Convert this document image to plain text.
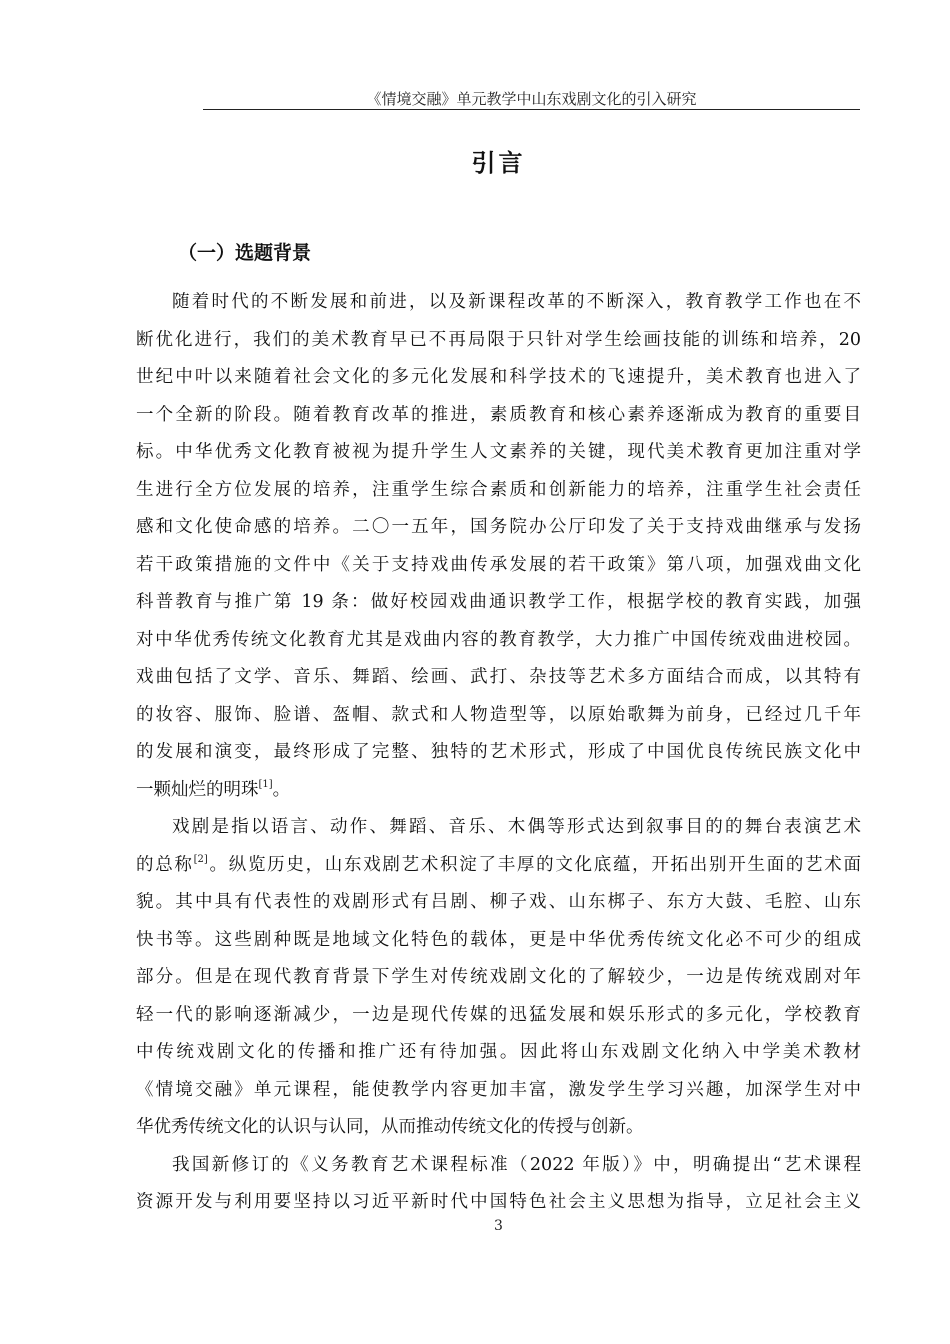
《情境交融》单元教学中山东戏剧文化的引入研究
引言
（一）选题背景
随着时代的不断发展和前进，以及新课程改革的不断深入，教育教学工作也在不
断优化进行，我们的美术教育早已不再局限于只针对学生绘画技能的训练和培养，20
世纪中叶以来随着社会文化的多元化发展和科学技术的飞速提升，美术教育也进入了
一个全新的阶段。随着教育改革的推进，素质教育和核心素养逐渐成为教育的重要目
标。中华优秀文化教育被视为提升学生人文素养的关键，现代美术教育更加注重对学
生进行全方位发展的培养，注重学生综合素质和创新能力的培养，注重学生社会责任
感和文化使命感的培养。二〇一五年，国务院办公厅印发了关于支持戏曲继承与发扬
若干政策措施的文件中《关于支持戏曲传承发展的若干政策》第八项，加强戏曲文化
科普教育与推广第 19 条：做好校园戏曲通识教学工作，根据学校的教育实践，加强
对中华优秀传统文化教育尤其是戏曲内容的教育教学，大力推广中国传统戏曲进校园。
戏曲包括了文学、音乐、舞蹈、绘画、武打、杂技等艺术多方面结合而成，以其特有
的妆容、服饰、脸谱、盔帽、款式和人物造型等，以原始歌舞为前身，已经过几千年
的发展和演变，最终形成了完整、独特的艺术形式，形成了中国优良传统民族文化中
一颗灿烂的明珠[1]。
戏剧是指以语言、动作、舞蹈、音乐、木偶等形式达到叙事目的的舞台表演艺术
的总称[2]。纵览历史，山东戏剧艺术积淀了丰厚的文化底蕴，开拓出别开生面的艺术面
貌。其中具有代表性的戏剧形式有吕剧、柳子戏、山东梆子、东方大鼓、毛腔、山东
快书等。这些剧种既是地域文化特色的载体，更是中华优秀传统文化必不可少的组成
部分。但是在现代教育背景下学生对传统戏剧文化的了解较少，一边是传统戏剧对年
轻一代的影响逐渐减少，一边是现代传媒的迅猛发展和娱乐形式的多元化，学校教育
中传统戏剧文化的传播和推广还有待加强。因此将山东戏剧文化纳入中学美术教材
《情境交融》单元课程，能使教学内容更加丰富，激发学生学习兴趣，加深学生对中
华优秀传统文化的认识与认同，从而推动传统文化的传授与创新。
我国新修订的《义务教育艺术课程标准（2022 年版）》中，明确提出“艺术课程
资源开发与利用要坚持以习近平新时代中国特色社会主义思想为指导，立足社会主义
3
